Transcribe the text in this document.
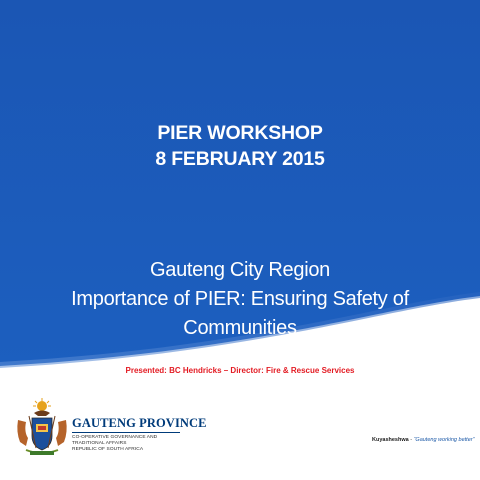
PIER WORKSHOP
8 FEBRUARY 2015
Gauteng City Region
Importance of PIER: Ensuring Safety of
Communities
Presented: BC Hendricks – Director: Fire & Rescue Services
GAUTENG PROVINCE
CO-OPERATIVE GOVERNANCE AND
TRADITIONAL AFFAIRS
REPUBLIC OF SOUTH AFRICA
Kuyasheshwa - “Gauteng working better”
